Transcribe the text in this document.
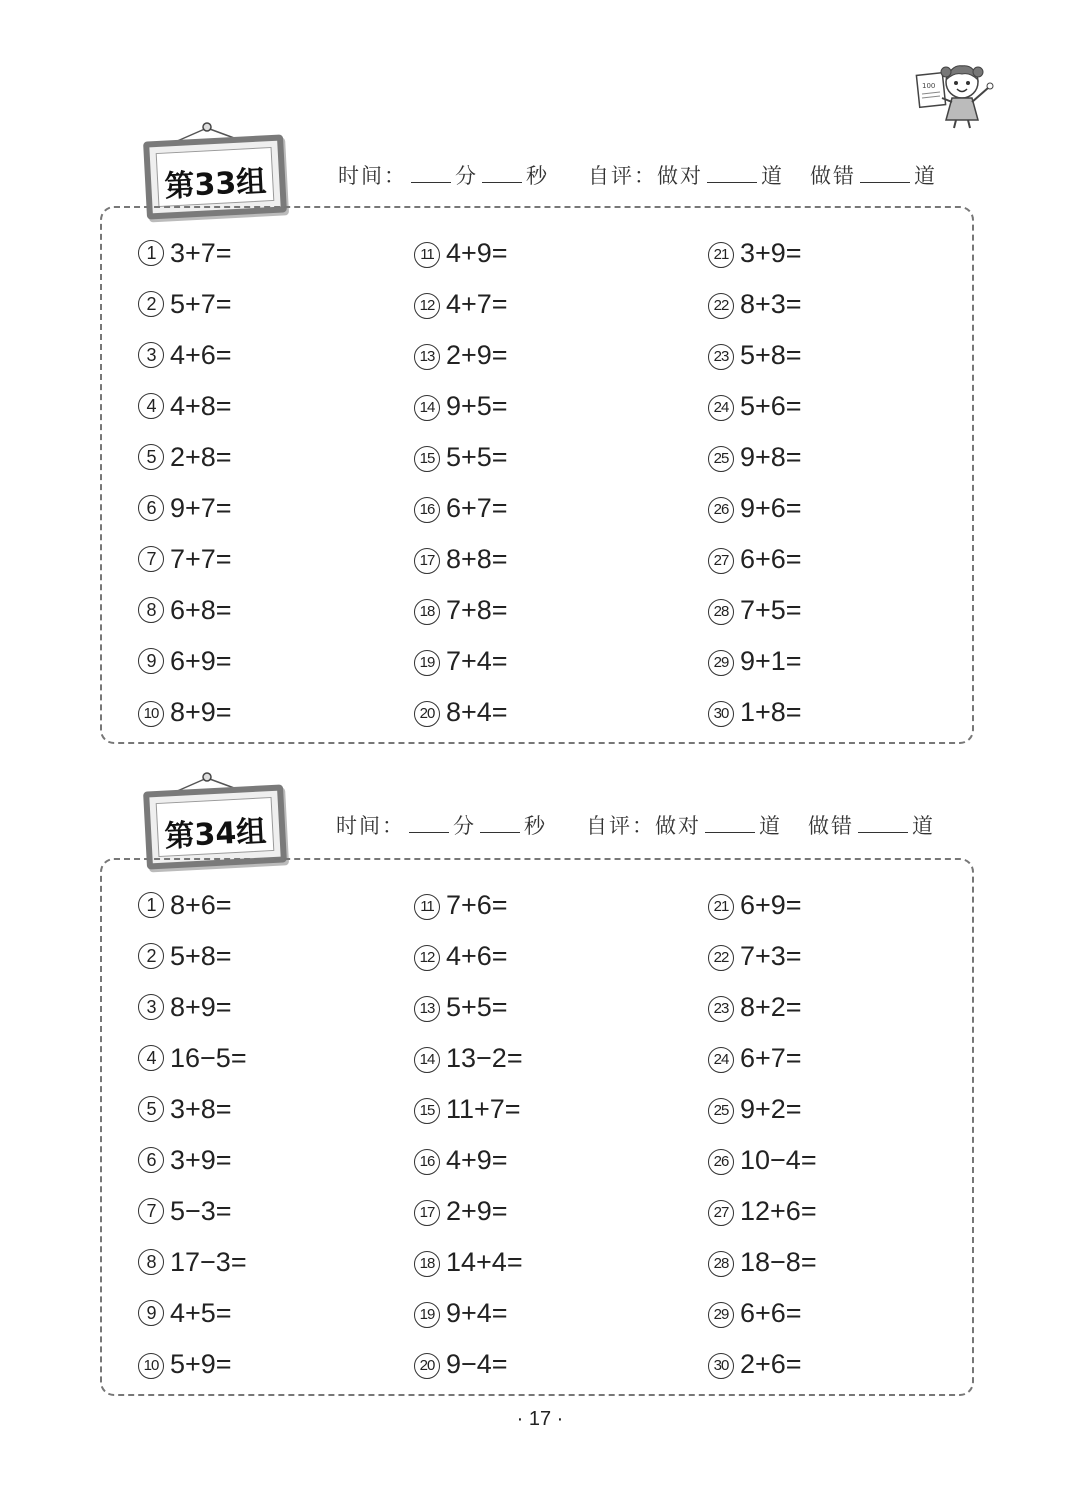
100
第33组	时间： 分 秒 自评：做对	道 做错	道
1 3+7=
2 5+7=
3 4+6=
4 4+8=
5 2+8=
6 9+7=
7 7+7=
8 6+8=
9 6+9=
10 8+9=
11 4+9=
12 4+7=
13 2+9=
14 9+5=
15 5+5=
16 6+7=
17 8+8=
18 7+8=
19 7+4=
20 8+4=
21 3+9=
22 8+3=
23 5+8=
24 5+6=
25 9+8=
26 9+6=
27 6+6=
28 7+5=
29 9+1=
30 1+8=
第34组	时间： 分 秒 自评：做对	道 做错	道
1 8+6=
2 5+8=
3 8+9=
4 16−5=
5 3+8=
6 3+9=
7 5−3=
8 17−3=
9 4+5=
10 5+9=
11 7+6=
12 4+6=
13 5+5=
14 13−2=
15 11+7=
16 4+9=
17 2+9=
18 14+4=
19 9+4=
20 9−4=
21 6+9=
22 7+3=
23 8+2=
24 6+7=
25 9+2=
26 10−4=
27 12+6=
28 18−8=
29 6+6=
30 2+6=
· 17 ·
